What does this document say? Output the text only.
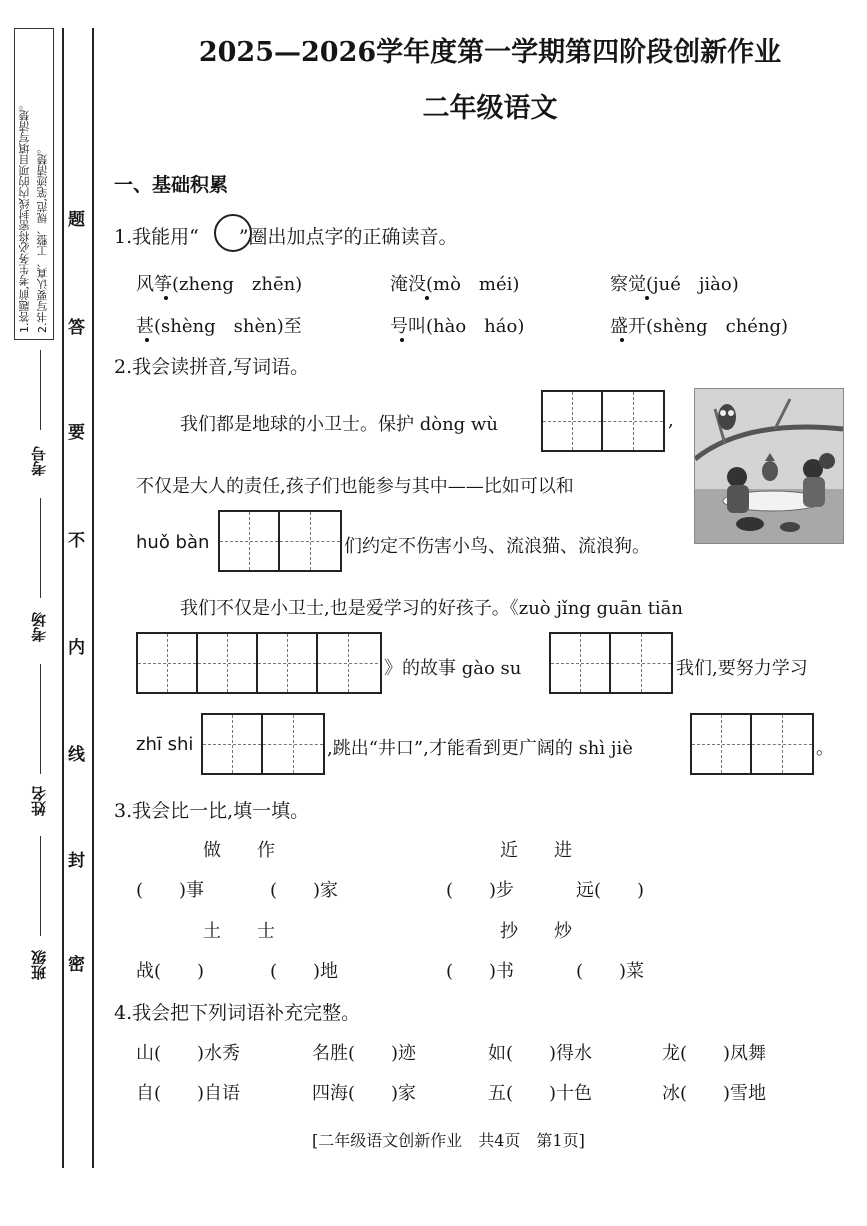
1.答题前,考生务必将密封线内的项目填写清楚。 2.书写要认真、工整、规范,笔迹清楚。
考号
考场
姓名
班级
题
答
要
不
内
线
封
密
2025—2026学年度第一学期第四阶段创新作业
二年级语文
一、基础积累
1.我能用“ ”圈出加点字的正确读音。
风筝(zheng　zhēn)	淹没(mò　méi)	察觉(jué　jiào)
甚(shèng　shèn)至	号叫(hào　háo)	盛开(shèng　chéng)
2.我会读拼音,写词语。
我们都是地球的小卫士。保护 dòng wù	,
不仅是大人的责任,孩子们也能参与其中——比如可以和
huǒ bàn	们约定不伤害小鸟、流浪猫、流浪狗。
我们不仅是小卫士,也是爱学习的好孩子。《zuò jǐng guān tiān
》的故事 gào su	我们,要努力学习
zhī shi	,跳出“井口”,才能看到更广阔的 shì jiè	。
3.我会比一比,填一填。
做　　作	近　　进
(　　)事	(　　)家	(　　)步	远(　　)
土　　士	抄　　炒
战(　　)	(　　)地	(　　)书	(　　)菜
4.我会把下列词语补充完整。
山(　　)水秀	名胜(　　)迹	如(　　)得水	龙(　　)凤舞
自(　　)自语	四海(　　)家	五(　　)十色	冰(　　)雪地
[二年级语文创新作业　共4页　第1页]
